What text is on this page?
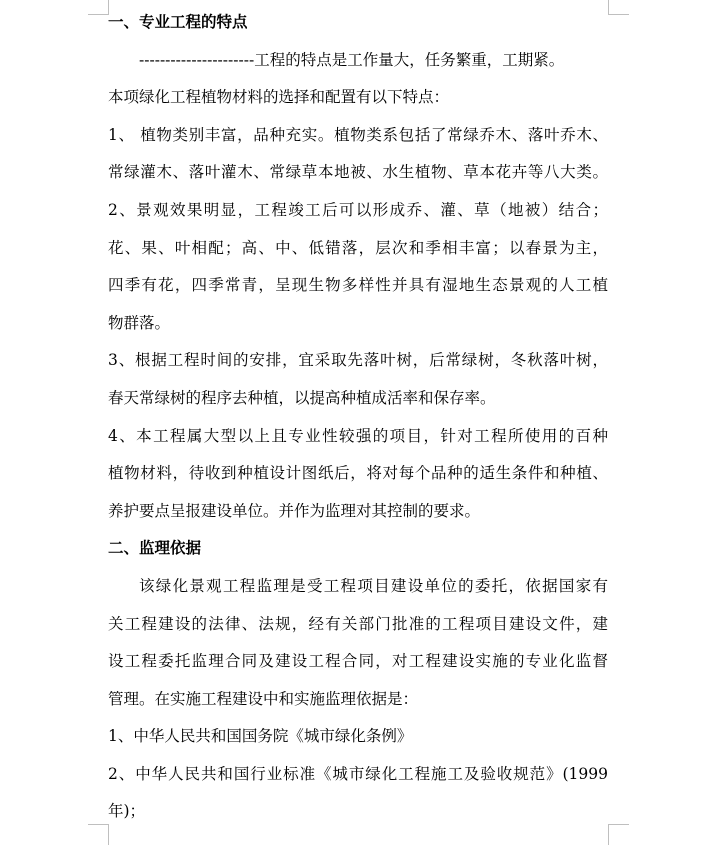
一、专业工程的特点
----------------------工程的特点是工作量大，任务繁重，工期紧。
本项绿化工程植物材料的选择和配置有以下特点：
1、 植物类别丰富，品种充实。植物类系包括了常绿乔木、落叶乔木、
常绿灌木、落叶灌木、常绿草本地被、水生植物、草本花卉等八大类。
2、景观效果明显，工程竣工后可以形成乔、灌、草（地被）结合；
花、果、叶相配；高、中、低错落，层次和季相丰富；以春景为主，
四季有花，四季常青，呈现生物多样性并具有湿地生态景观的人工植
物群落。
3、根据工程时间的安排，宜采取先落叶树，后常绿树，冬秋落叶树，
春天常绿树的程序去种植，以提高种植成活率和保存率。
4、本工程属大型以上且专业性较强的项目，针对工程所使用的百种
植物材料，待收到种植设计图纸后，将对每个品种的适生条件和种植、
养护要点呈报建设单位。并作为监理对其控制的要求。
二、监理依据
该绿化景观工程监理是受工程项目建设单位的委托，依据国家有
关工程建设的法律、法规，经有关部门批准的工程项目建设文件，建
设工程委托监理合同及建设工程合同，对工程建设实施的专业化监督
管理。在实施工程建设中和实施监理依据是：
1、中华人民共和国国务院《城市绿化条例》
2、中华人民共和国行业标准《城市绿化工程施工及验收规范》(1999
年)；
